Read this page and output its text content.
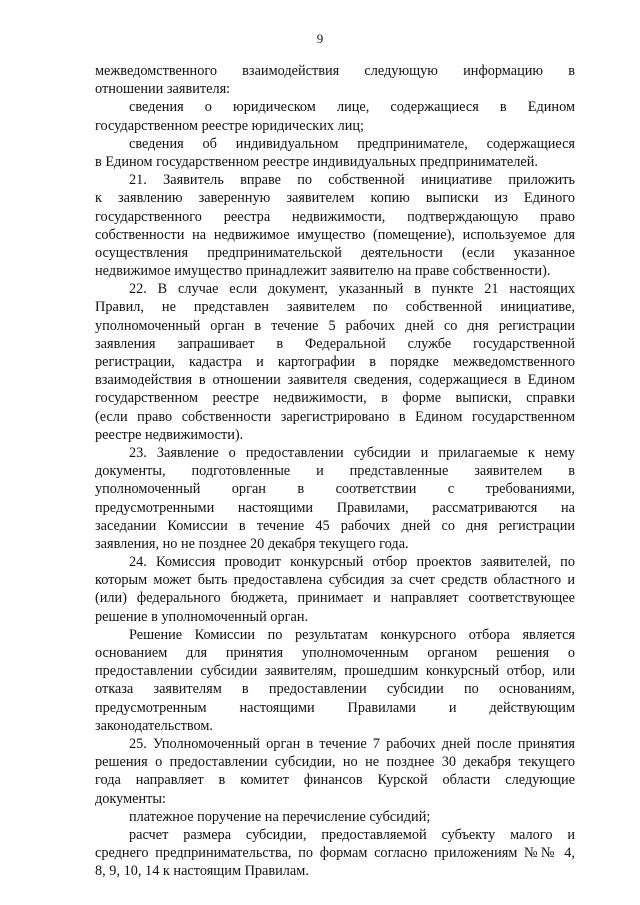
9
межведомственного взаимодействия следующую информацию в
отношении заявителя:
сведения о юридическом лице, содержащиеся в Едином
государственном реестре юридических лиц;
сведения об индивидуальном предпринимателе, содержащиеся
в Едином государственном реестре индивидуальных предпринимателей.
21. Заявитель вправе по собственной инициативе приложить
к заявлению заверенную заявителем копию выписки из Единого
государственного реестра недвижимости, подтверждающую право
собственности на недвижимое имущество (помещение), используемое для
осуществления предпринимательской деятельности (если указанное
недвижимое имущество принадлежит заявителю на праве собственности).
22. В случае если документ, указанный в пункте 21 настоящих
Правил, не представлен заявителем по собственной инициативе,
уполномоченный орган в течение 5 рабочих дней со дня регистрации
заявления запрашивает в Федеральной службе государственной
регистрации, кадастра и картографии в порядке межведомственного
взаимодействия в отношении заявителя сведения, содержащиеся в Едином
государственном реестре недвижимости, в форме выписки, справки
(если право собственности зарегистрировано в Едином государственном
реестре недвижимости).
23. Заявление о предоставлении субсидии и прилагаемые к нему
документы, подготовленные и представленные заявителем в
уполномоченный орган в соответствии с требованиями,
предусмотренными настоящими Правилами, рассматриваются на
заседании Комиссии в течение 45 рабочих дней со дня регистрации
заявления, но не позднее 20 декабря текущего года.
24. Комиссия проводит конкурсный отбор проектов заявителей, по
которым может быть предоставлена субсидия за счет средств областного и
(или) федерального бюджета, принимает и направляет соответствующее
решение в уполномоченный орган.
Решение Комиссии по результатам конкурсного отбора является
основанием для принятия уполномоченным органом решения о
предоставлении субсидии заявителям, прошедшим конкурсный отбор, или
отказа заявителям в предоставлении субсидии по основаниям,
предусмотренным настоящими Правилами и действующим
законодательством.
25. Уполномоченный орган в течение 7 рабочих дней после принятия
решения о предоставлении субсидии, но не позднее 30 декабря текущего
года направляет в комитет финансов Курской области следующие
документы:
платежное поручение на перечисление субсидий;
расчет размера субсидии, предоставляемой субъекту малого и
среднего предпринимательства, по формам согласно приложениям №№ 4,
8, 9, 10, 14 к настоящим Правилам.
